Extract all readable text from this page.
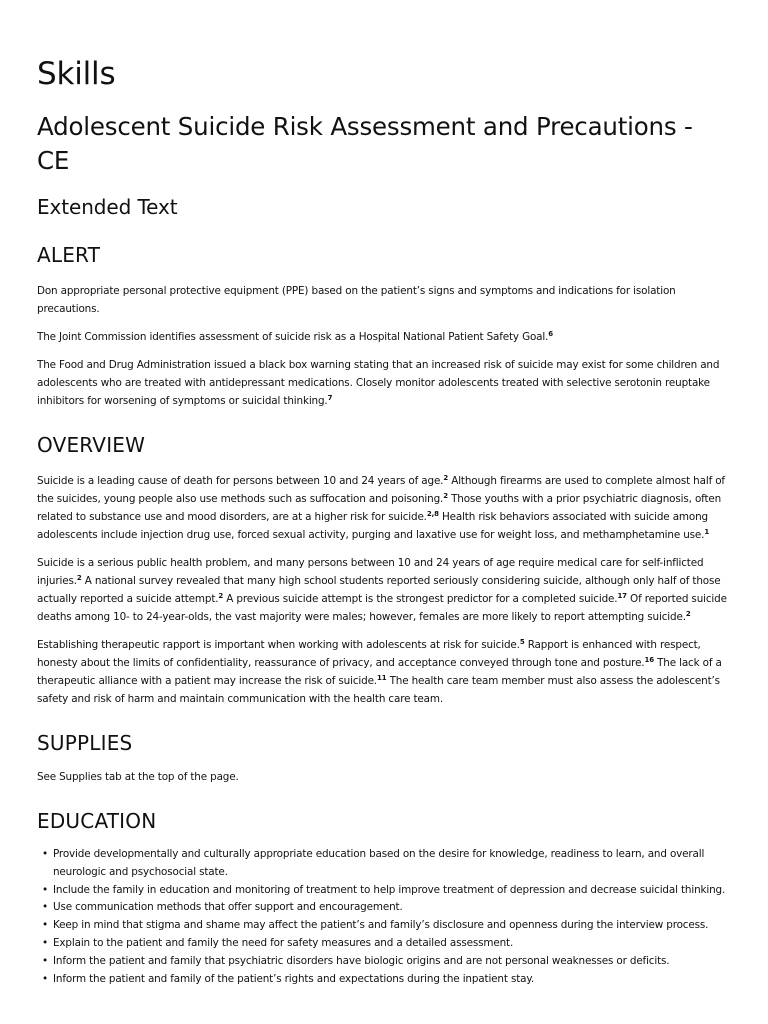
Skills
Adolescent Suicide Risk Assessment and Precautions - CE
Extended Text
ALERT

Don appropriate personal protective equipment (PPE) based on the patient’s signs and symptoms and indications for isolation precautions.

The Joint Commission identifies assessment of suicide risk as a Hospital National Patient Safety Goal.$^6$

The Food and Drug Administration issued a black box warning stating that an increased risk of suicide may exist for some children and adolescents who are treated with antidepressant medications. Closely monitor adolescents treated with selective serotonin reuptake inhibitors for worsening of symptoms or suicidal thinking.$^7$

OVERVIEW

Suicide is a leading cause of death for persons between 10 and 24 years of age.$^2$ Although firearms are used to complete almost half of the suicides, young people also use methods such as suffocation and poisoning.$^2$ Those youths with a prior psychiatric diagnosis, often related to substance use and mood disorders, are at a higher risk for suicide.$^{2,8}$ Health risk behaviors associated with suicide among adolescents include injection drug use, forced sexual activity, purging and laxative use for weight loss, and methamphetamine use.$^1$

Suicide is a serious public health problem, and many persons between 10 and 24 years of age require medical care for self-inflicted injuries.$^2$ A national survey revealed that many high school students reported seriously considering suicide, although only half of those actually reported a suicide attempt.$^2$ A previous suicide attempt is the strongest predictor for a completed suicide.$^{17}$ Of reported suicide deaths among 10- to 24-year-olds, the vast majority were males; however, females are more likely to report attempting suicide.$^2$

Establishing therapeutic rapport is important when working with adolescents at risk for suicide.$^5$ Rapport is enhanced with respect, honesty about the limits of confidentiality, reassurance of privacy, and acceptance conveyed through tone and posture.$^{16}$ The lack of a therapeutic alliance with a patient may increase the risk of suicide.$^{11}$ The health care team member must also assess the adolescent’s safety and risk of harm and maintain communication with the health care team.

SUPPLIES

See Supplies tab at the top of the page.

EDUCATION
• Provide developmentally and culturally appropriate education based on the desire for knowledge, readiness to learn, and overall neurologic and psychosocial state.
• Include the family in education and monitoring of treatment to help improve treatment of depression and decrease suicidal thinking.
• Use communication methods that offer support and encouragement.
• Keep in mind that stigma and shame may affect the patient’s and family’s disclosure and openness during the interview process.
• Explain to the patient and family the need for safety measures and a detailed assessment.
• Inform the patient and family that psychiatric disorders have biologic origins and are not personal weaknesses or deficits.
• Inform the patient and family of the patient’s rights and expectations during the inpatient stay.
